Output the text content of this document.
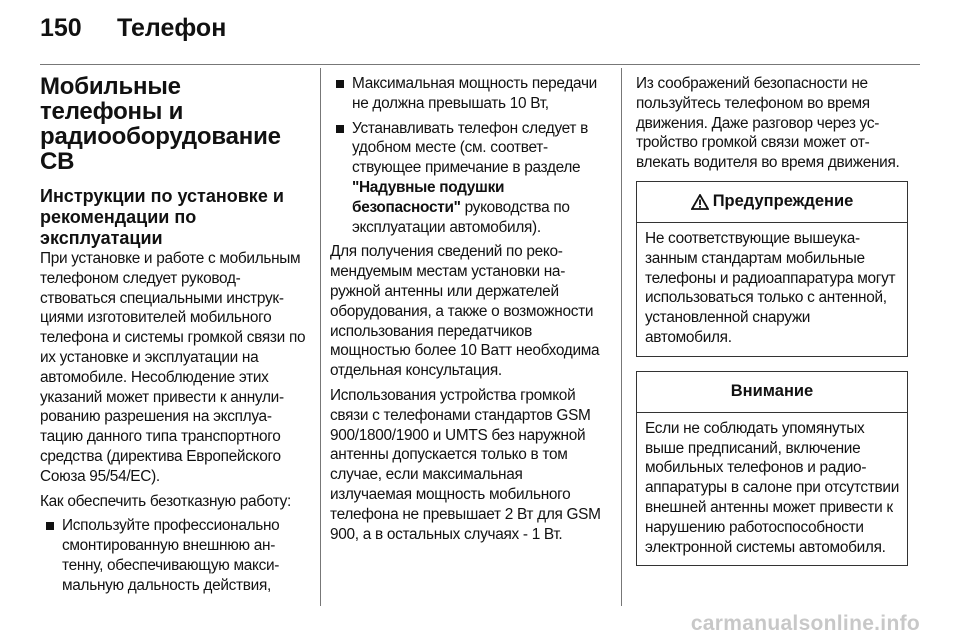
150 Телефон
Мобильные телефоны и
радиооборудование CB
Инструкции по установке и
рекомендации по
эксплуатации

При установке и работе с мобильным телефоном следует руководствоваться специальными инструкциями изготовителей мобильного телефона и системы громкой связи по их установке и эксплуатации на автомобиле. Несоблюдение этих указаний может привести к аннулированию разрешения на эксплуатацию данного типа транспортного средства (директива Европейского Союза 95/54/EC).

Как обеспечить безотказную работу:

Используйте профессионально смонтированную внешнюю антенну, обеспечивающую максимальную дальность действия,
Максимальная мощность передачи не должна превышать 10 Вт,
Устанавливать телефон следует в удобном месте (см. соответствующее примечание в разделе "Надувные подушки безопасности" руководства по эксплуатации автомобиля).

Для получения сведений по рекомендуемым местам установки наружной антенны или держателей оборудования, а также о возможности использования передатчиков мощностью более 10 Ватт необходима отдельная консультация.

Использования устройства громкой связи с телефонами стандартов GSM 900/1800/1900 и UMTS без наружной антенны допускается только в том случае, если максимальная излучаемая мощность мобильного телефона не превышает 2 Вт для GSM 900, а в остальных случаях - 1 Вт.

Из соображений безопасности не пользуйтесь телефоном во время движения. Даже разговор через устройство громкой связи может отвлекать водителя во время движения.

Предупреждение

Не соответствующие вышеуказанным стандартам мобильные телефоны и радиоаппаратура могут использоваться только с антенной, установленной снаружи автомобиля.

Внимание

Если не соблюдать упомянутых выше предписаний, включение мобильных телефонов и радиоаппаратуры в салоне при отсутствии внешней антенны может привести к нарушению работоспособности электронной системы автомобиля.

carmanualsonline.info
